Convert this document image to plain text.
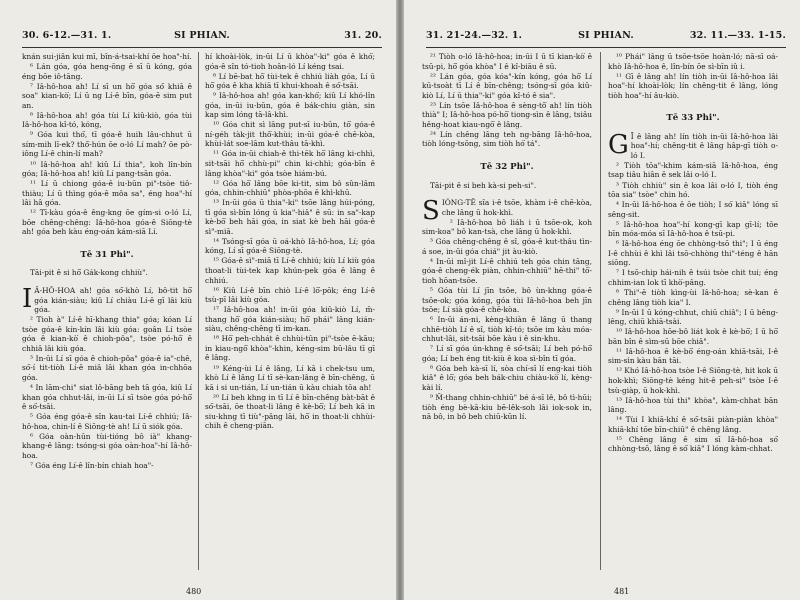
30. 6-12.—31. 1.	SI PHIAN.	31. 20.

knán sui-jiân kui mī, bîn-á-tsai-khí ōe hoa"-hí.

⁶ Lán góa, góa heng-ōng ē sī ū kóng, góa éng bōe iô-tāng.

⁷ Iâ-hô-hoa ah! Lí sī un hō͘ góa só͘ khiā ê soa" kian-kò͘; Lí ū ng Lí-ê bīn, góa-ē sim put an.

⁸ Iâ-hô-hoa ah! góa tùi Lí kiû-kiò, góa tùi Iâ-hô-hoa kî-tó, kóng,

⁹ Góa kui thó͘, tī góa-ê huih lâu-chhut ū sím-mih lī-ek? thô͘-hún ōe o-ló Lí mah? ōe pò-iông Lí-ê chin-lí mah?

¹⁰ Iâ-hô-hoa ah! kiû Lí thia", koh lîn-bín góa; Iâ-hô-hoa ah! kiû Lí pang-tsān góa.

¹¹ Lí ū chiong góa-ê iu-būn pi"-tsòe tiô-thiàu; Lí ū thìng góa-ê môa sa", éng hoa"-hí lâi hâ góa.

¹² Tī-kàu góa-ê êng-kng ōe gím-si o-ló Lí, bōe chêng-chêng: Iâ-hô-hoa góa-ê Siōng-tè ah! góa beh kàu éng-oán kám-siā Lí.

Tē 31 Phi".
Tāi-pit ê si hō͘ Gák-kong chhiù".
I Â-HÔ-HOA ah! góa só͘-khò Lí, bô-tit hō͘ góa kián-siàu; kiû Lí chiàu Lí-ê gī lâi kiù góa.

² Tioh à" Lí-ê hī-khang thia" góa; kóan Lí tsòe góa-ê kín-kín lâi kiù góa: goân Lí tsòe góa ê kian-kò͘ ê chioh-pôa", tsòe pó-hō͘ ê chhiâ lâi kiù góa.

³ In-ūi Lí sī góa ê chioh-pôa" góa-ê ia"-chê, só͘-í tit-tiòh Lí-ê miâ lâi khan góa in-chhōa góa.

⁴ In lām-chi" siat lô-bāng beh tā góa, kiû Lí khan góa chhut-lâi, in-ūi Lí sī tsòe góa pó-hō͘ ê só͘-tsāi.

⁵ Góa éng góa-ê sîn kau-tai Lí-ê chhiú; Iâ-hô-hoa, chin-lí ê Siōng-tè ah! Lí ū siók góa.

⁶ Góa oàn-hūn tùi-tióng bô ià" khang-khang-ê lāng: tsóng-si góa oàn-hoa"-hí Iâ-hô-hoa.

⁷ Góa éng Lí-ê lîn-bín chiah hoa"-

hí khoài-lòk, in-ūi Lí ū khòa"-ki" góa ê khó͘; góa-ê sîn tó-tioh hoân-ló Lí kéng tsai.

⁸ Lí bē-bat hō͘ tùi-tek ê chhiú liàh góa, Lí ū hō͘ góa ê kha khiā tī khui-khoah ê só͘-tsāi.

⁹ Iâ-hô-hoa ah! góa kan-khó͘; kiû Lí khó-lîn góa, in-ūi iu-būn, góa ê bák-chiu giàn, sin kap sim lóng tā-lâ-khì.

¹⁰ Góa chit sì lâng put-sī iu-būn, tō͘ góa-ê ní-géh tàk-jit thô͘-khùi; in-ūi góa-ê chē-kòa, khùi-lát soe-lām kut-thâu tā-khì.

¹¹ Góa in-ūi chiah-ê thi-tēk hō͘ lâng ki-chhì, sit-tsāi hō͘ chhù-pi" chin ki-chhì; góa-bīn ê lâng khòa"-ki" góa tsòe hiám-bú.

¹² Góa hō͘ lâng bōe ki-tit, sim bô sûn-lâm góa, chhin-chhiū" phòa-phōa ê khì-khū.

¹³ In-ūi góa ū thia"-ki" tsōe lâng húi-póng, tī góa sì-bīn lóng ū kia"-hiâ" ê sū: in sa"-kap kè-bō͘ beh hāi góa, in siat kè beh hāi góa-ê sì"-miā.

¹⁴ Tsóng-sī góa ū oá-khò Iâ-hô-hoa, Lí; góa kóng, Lí sī góa-ê Siōng-tè.

¹⁵ Góa-ê sì"-miā tī Lí-ê chhiú; kiù Lí kiù góa thoat-li tùi-tek kap khún-pek góa ê lâng ê chhiú.

¹⁶ Kiû Lí-ê bīn chiò Lí-ê lō͘-pōk; éng Lí-ê tsù-pī lâi kiù góa.

¹⁷ Iâ-hô-hoa ah! in-ūi góa kiû-kiò Lí, m̄-thang hō͘ góa kián-siàu; hō͘ phái" lâng kián-siàu, chêng-chêng tī im-kan.

¹⁸ Hō͘ peh-chhát ê chhùi-tûn pi"-tsòe ē-kāu; in kiau-ngō͘ khòa"-khin, kéng-sim bū-lâu tī gī ê lâng.

¹⁹ Kéng-ùi Lí ê lâng, Lí kā i chek-tsu um, khò Lí ê lâng Lí tī sè-kan-lâng ê bīn-chêng, ū kā i si un-tián, Lí un-tián ū kàu chiah tōa ah!

²⁰ Lí beh khng in tī Lí ê bīn-chêng bàt-bāt ê só͘-tsāi, ōe thoat-li lâng ê kè-bō͘; Lí beh kā in siu-khng tī tiù"-pâng lāi, hō͘ in thoat-li chhùi-chih ê cheng-piān.

480
31. 21-24.—32. 1.	SI PHIAN.	32. 11.—33. 1-15.

²¹ Tiòh o-ló Iâ-hô-hoa; in-ūi I ū tī kian-kò͘ ê tsū-pi, hō͘ góa khòa" I ê kî-biāu ê sū.

²² Lán góa, góa kóa"-kín kóng, góa hō͘ Lí kū-tsoàt tī Lí ê bīn-chêng; tsóng-sī góa kiû-kiò Lí, Lí ū thia"-ki" góa kî-tó ê sia".

²³ Lín tsōe Iâ-hô-hoa ê sèng-tô͘ ah! lín tiòh thià" I; Iâ-hô-hoa pó-hō͘ tiong-sìn ê lâng, tsiâu hêng-hoat kiau-ngō͘ ê lâng.

²⁴ Lín chêng lâng teh ng-bāng Iâ-hô-hoa, tiòh lóng-tsōng, sim tiòh hó͘ tá".

Tē 32 Phi".
Tāi-pit ê si beh kà-si peh-si".
S IÓNG-TÊ sîa i-ê tsōe, khàm i-ê chē-kòa, che lâng ū hok-khì.

² Iâ-hô-hoa bô liáh i ū tsōe-ok, koh sim-koa" bô kan-tsà, che lâng ū hok-khì.

³ Góa chêng-chêng ê sî, góa-ê kut-thâu tìn-á soe, in-ūi góa chiá" jit àu-kiò.

⁴ In-ūi mî-jit Lí-ê chhiú teh góa chin tāng, góa-ê cheng-ék piàn, chhin-chhiū" hē-thi" tō͘-tioh hōan-tsōe.

⁵ Góa tùi Lí jīn tsōe, bô ùn-khng góa-ê tsōe-ok; góa kóng, góa tùi Iâ-hô-hoa beh jīn tsōe; Lí sià góa-ê chē-kòa.

⁶ In-ūi án-ni, kèng-khiàn ê lâng ū thang chhē-tiòh Lí ê sî, tiòh kî-tó; tsōe im kàu móa-chhut-lâi, sit-tsāi bōe kàu i ê sin-khu.

⁷ Lí sī góa ún-khng ê só͘-tsāi; Lí beh pó-hō͘ góa; Lí beh éng tit-kiù ê koa sì-bîn tī góa.

⁸ Góa beh kà-sī lí, sòa chí-sī lí eng-kai tiòh kiâ" ê lō͘; góa beh bák-chiu chiàu-kò͘ lí, kèng-kài lí.

⁹ M̄-thang chhin-chhiū" bé á-sī lê, bô tì-hūi; tiòh éng bè-kā-kiu bē-lêk-soh lâi iok-sok in, nā bô, in bô beh chiū-kūn lí.

¹⁰ Phái" lâng ū tsōe-tsōe hoàn-ló; nā-sī oá-khò Iâ-hô-hoa ê, lîn-bín ōe sì-bīn iû i.

¹¹ Gī ê lâng ah! lín tiòh in-ūi Iâ-hô-hoa lâi hoa"-hí khoài-lòk; lín chêng-tit ê lâng, lóng tiòh hoa"-hí âu-kiò.

Tē 33 Phi".
G Ī ê lâng ah! lín tiòh in-ūi Iâ-hô-hoa lâi hoa"-hí; chêng-tit ê lâng hâp-gī tiòh o-ló I.

² Tiòh tōa"-khim kám-siā Iâ-hô-hoa, éng tsap tiâu hiân ê sek lâi o-ló I.

³ Tiòh chhiù" sin ê koa lâi o-ló I, tiòh éng tōa sia" tsòe" chin hó.

⁴ In-ūi Iâ-hô-hoa ê ōe tiòh; I só͘ kiâ" lóng sī sêng-sit.

⁵ Iâ-hô-hoa hoa"-hí kong-gī kap gī-lí; tōe bīn móa-móa sī Iâ-hô-hoa ê tsū-pi.

⁶ Iâ-hô-hoa éng ōe chhòng-tsō thi"; I ū éng I-ê chhùi ê khì lâi tsō-chhòng thi"-téng ê hān siōng.

⁷ I tsō-chip hái-nih ê tsúi tsòe chit tui; éng chhim-ian lok tī khò͘-pâng.

⁸ Thi"-ē tiòh kìng-ùi Iâ-hô-hoa; sè-kan ê chêng lâng tiòh kia" I.

⁹ In-ūi I ū kóng-chhut, chiū chiâ"; I ū bêng-lêng, chiū khiā-tsài.

¹⁰ Iâ-hô-hoa hōe-bô liát kok ê kè-bō͘; I ū hō͘ bān bîn ê sìm-sū bōe chiâ".

¹¹ Iâ-hô-hoa ê kè-bō͘ éng-oán khiā-tsāi, I-ê sim-sìn kàu bān tāi.

¹² Khó Iâ-hô-hoa tsòe I-ê Siōng-tè, hit kok ū hok-khì; Siōng-tè kéng hit-ê peh-si" tsòe I-ê tsù-giàp, ū hok-khì.

¹³ Iâ-hô-hoa tùi thi" khòa", kàm-chhat bān lâng.

¹⁴ Tùi I khiā-khí ê só͘-tsāi piàn-piàn khòa" khiā-khí tōe bīn-chiū" ê chêng lâng.

¹⁵ Chêng lâng ê sim sī Iâ-hô-hoa só͘ chhòng-tsō, lâng ê só͘ kiâ" I lóng kàm-chhat.

481
